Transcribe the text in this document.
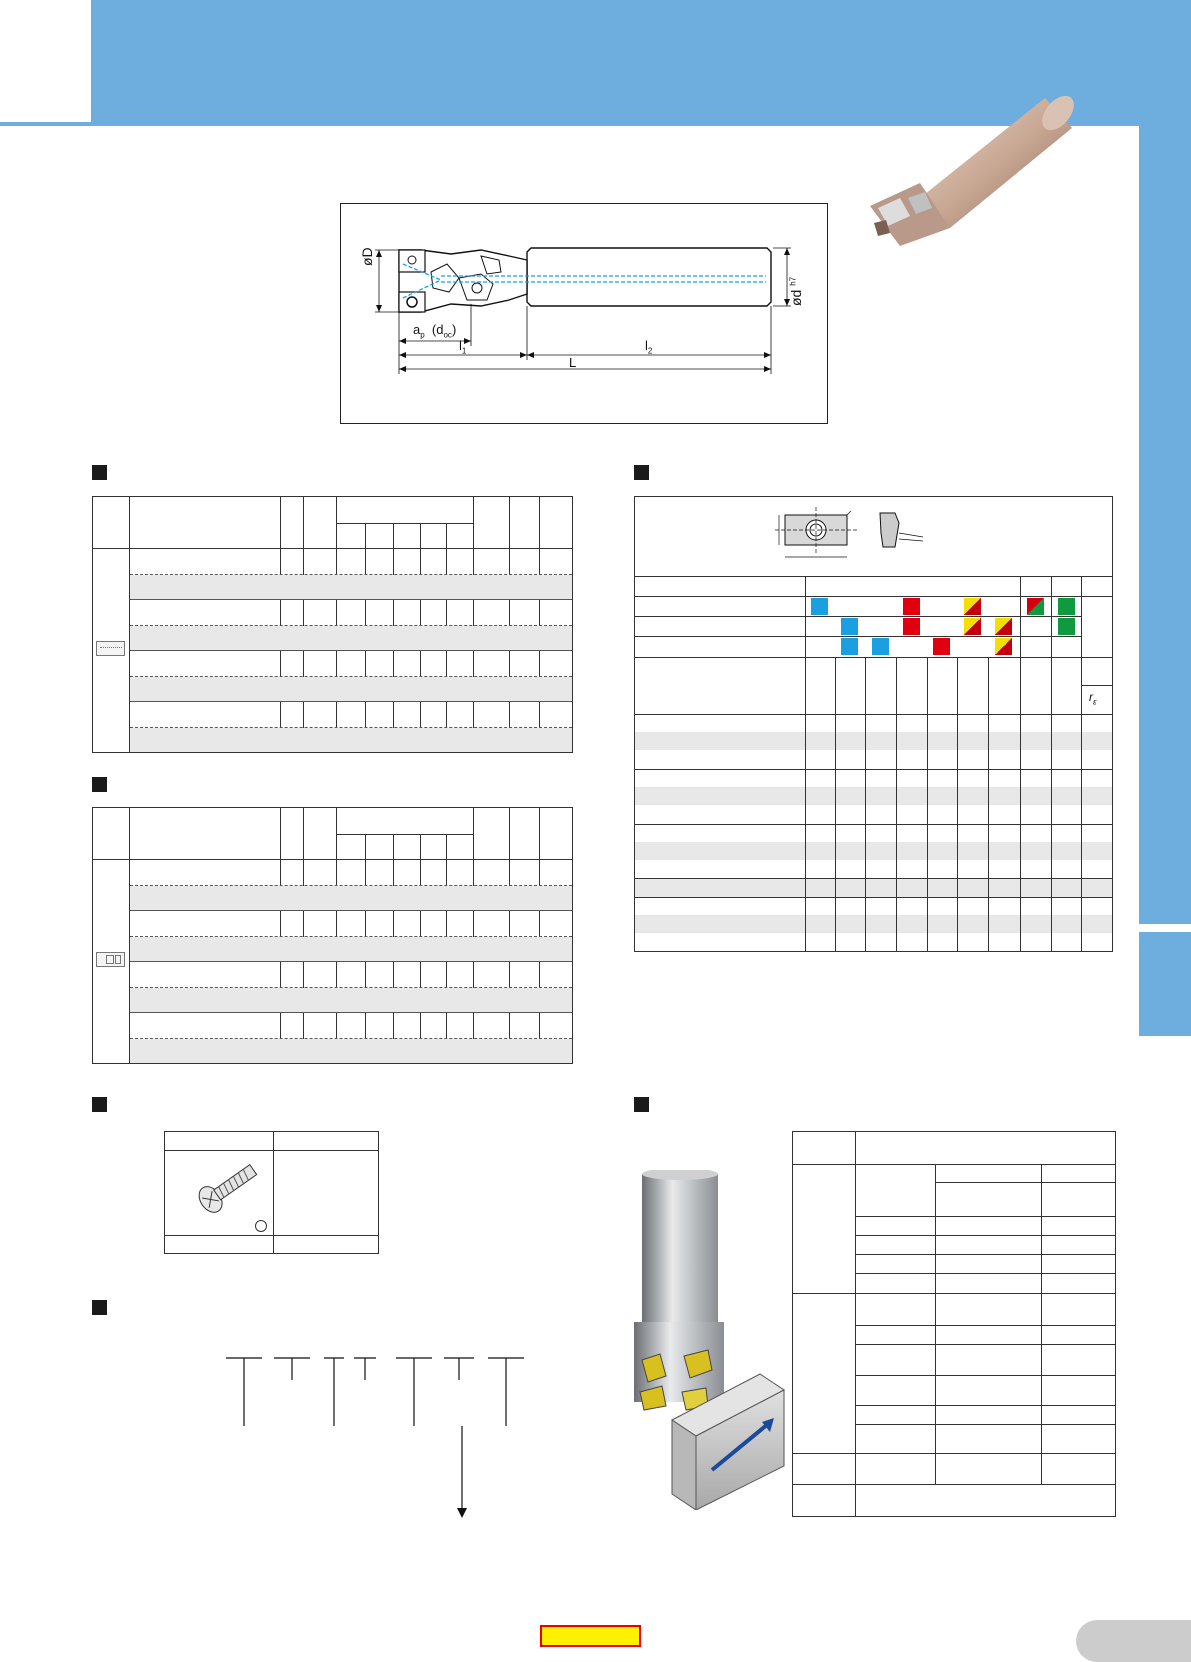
øD
ød $^{h7}$
$a_p$ $(d_{oc})$
$l_1$	$l_2$
L
$r_\varepsilon$
